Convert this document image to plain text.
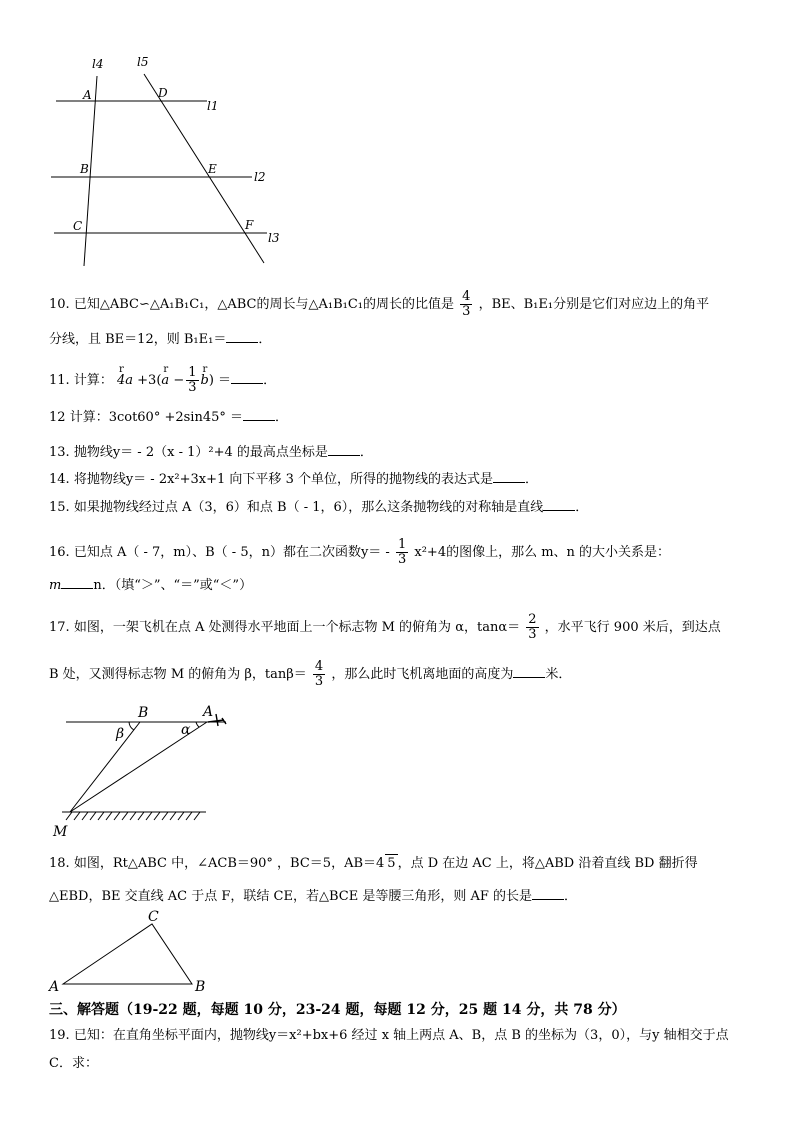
l4	l5
A	D
l1
B	E
l2
C	F
l3
10. 已知△ABC∽△A₁B₁C₁，△ABC的周长与△A₁B₁C₁的周长的比值是 $\frac{4}{3}$ ，BE、B₁E₁分别是它们对应边上的角平
分线，且 BE＝12，则 B₁E₁＝ ．
11. 计算： 4a
r
+3(a
r
− $\frac{1}{3}$ b
r
) ＝ ．
12 计算：3cot60° +2sin45° ＝ ．
13. 抛物线y＝ - 2（x - 1）²+4 的最高点坐标是 ．
14. 将抛物线y＝ - 2x²+3x+1 向下平移 3 个单位，所得的抛物线的表达式是 ．
15. 如果抛物线经过点 A（3，6）和点 B（ - 1，6），那么这条抛物线的对称轴是直线 ．
16. 已知点 A（ - 7，m）、B（ - 5，n）都在二次函数$y= - \frac{1}{3} x^2+4$的图像上，那么 m、n 的大小关系是：
m n．（填“＞”、“＝”或“＜”）
17. 如图，一架飞机在点 A 处测得水平地面上一个标志物 M 的俯角为 α，$\tan\alpha= \frac{2}{3}$ ，水平飞行 900 米后，到达点
B 处，又测得标志物 M 的俯角为 β，$\tan\beta= \frac{4}{3}$ ，那么此时飞机离地面的高度为 米．
B	A
β	α
M
18. 如图，Rt△ABC 中，∠ACB＝90° ，BC＝5，AB＝4 5 ，点 D 在边 AC 上，将△ABD 沿着直线 BD 翻折得
△EBD，BE 交直线 AC 于点 F，联结 CE，若△BCE 是等腰三角形，则 AF 的长是 ．
C
A	B
三、解答题（19-22 题，每题 10 分，23-24 题，每题 12 分，25 题 14 分，共 78 分）
19. 已知：在直角坐标平面内，抛物线y＝x²+bx+6 经过 x 轴上两点 A、B，点 B 的坐标为（3，0），与y 轴相交于点
C．求：
